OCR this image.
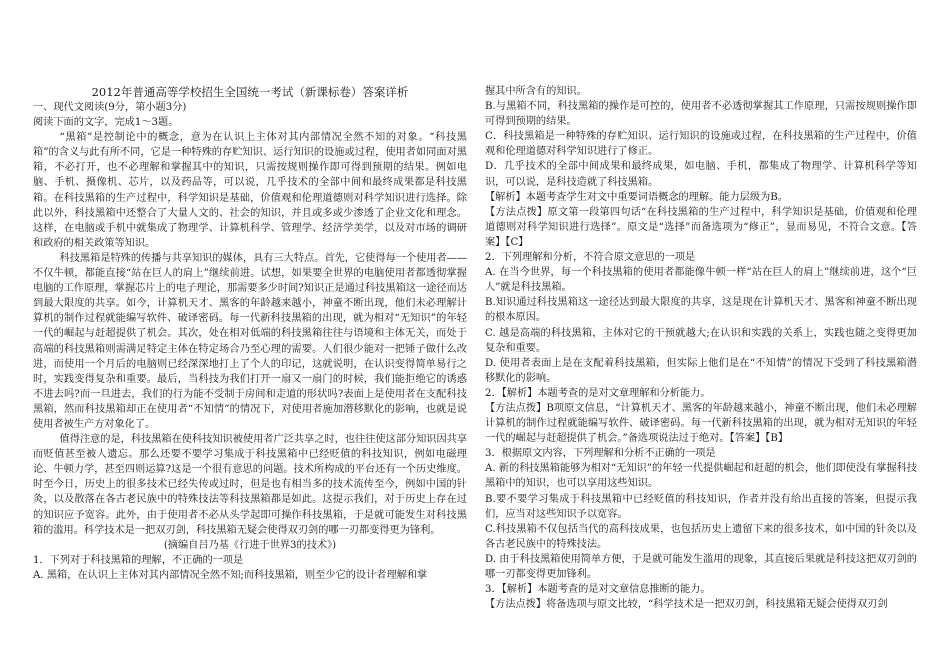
2012年普通高等学校招生全国统一考试（新课标卷）答案详析

一、现代文阅读(9分，第小题3分)

阅读下面的文字，完成1～3题。

“黑箱”是控制论中的概念，意为在认识上主体对其内部情况全然不知的对象。“科技黑箱”的含义与此有所不同，它是一种特殊的存贮知识、运行知识的设施或过程，使用者如同面对黑箱，不必打开，也不必理解和掌握其中的知识，只需按规则操作即可得到预期的结果。例如电脑、手机、摄像机、芯片，以及药品等，可以说，几乎技术的全部中间和最终成果都是科技黑箱。在科技黑箱的生产过程中，科学知识是基础，价值观和伦理道德则对科学知识进行选择。除此以外，科技黑箱中还整合了大量人文的、社会的知识，并且或多或少渗透了企业文化和理念。这样，在电脑或手机中就集成了物理学、计算机科学、管理学、经济学美学，以及对市场的调研和政府的相关政策等知识。

科技黑箱是特殊的传播与共享知识的媒体，具有三大特点。首先，它使得每一个使用者——不仅牛顿，都能直接“站在巨人的肩上”继续前进。试想，如果要全世界的电脑使用者都透彻掌握电脑的工作原理，掌握芯片上的电子理论，那需要多少时间?知识正是通过科技黑箱这一途径而达到最大限度的共享。如今，计算机天才、黑客的年龄越来越小，神童不断出现，他们未必理解计算机的制作过程就能编写软件、破译密码。每一代新科技黑箱的出现，就为相对“无知识”的年轻一代的崛起与赶超提供了机会。其次，处在相对低端的科技黑箱往往与语境和主体无关，而处于高端的科技黑箱则需满足特定主体在特定场合乃至心理的需要。人们很少能对一把锤子做什么改进，而使用一个月后的电脑则已经深深地打上了个人的印记，这就说明，在认识变得简单易行之时，实践变得复杂和重要。最后，当科技为我们打开一扇又一扇门的时候，我们能拒绝它的诱惑不进去吗?而一旦进去，我们的行为能不受制于房间和走道的形状吗?表面上是使用者在支配科技黑箱，然而科技黑箱却正在使用者“不知情”的情况下，对使用者施加潜移默化的影响，也就是说使用者被生产方对象化了。

值得注意的是，科技黑箱在使科技知识被使用者广泛共享之时，也往往使这部分知识因共享而贬值甚至被人遗忘。那么还要不要学习集成于科技黑箱中已经贬值的科技知识，例如电磁理论、牛顿力学，甚至四则运算?这是一个很有意思的问题。技术所构成的平台还有一个历史维度。时至今日，历史上的很多技术已经失传或过时，但是也有相当多的技术流传至今，例如中国的针灸，以及散落在各古老民族中的特殊技法等科技黑箱都是如此。这提示我们，对于历史上存在过的知识应予宽容。此外，由于使用者不必从头学起即可操作科技黑箱，于是就可能发生对科技黑箱的滥用。科学技术是一把双刃剑，科技黑箱无疑会使得双刃剑的哪一刃都变得更为锋利。

(摘编自吕乃基《行进于世界3的技术》)

1．下列对于科技黑箱的理解，不正确的一项是

A. 黑箱，在认识上主体对其内部情况全然不知;而科技黑箱，则至少它的设计者理解和掌

握其中所含有的知识。

B.与黑箱不同，科技黑箱的操作是可控的，使用者不必透彻掌握其工作原理，只需按规则操作即可得到预期的结果。

C．科技黑箱是一种特殊的存贮知识、运行知识的设施或过程，在科技黑箱的生产过程中，价值观和伦理道德对科学知识进行了修正。

D．几乎技术的全部中间成果和最终成果，如电脑、手机，都集成了物理学、计算机科学等知识，可以说，是科技造就了科技黑箱。

【解析】本题考查学生对文中重要词语概念的理解。能力层级为B。

【方法点拨】原文第一段第四句话“在科技黑箱的生产过程中，科学知识是基础，价值观和伦理道德则对科学知识进行选择”。原文是“选择”而备选项为“修正”，显而易见，不符合文意。【答案】【C】

2．下列理解和分析，不符合原文意思的一项是

A. 在当今世界，每一个科技黑箱的使用者都能像牛顿一样“站在巨人的肩上”继续前进，这个“巨人”就是科技黑箱。

B.知识通过科技黑箱这一途径达到最大限度的共享，这是现在计算机天才、黑客和神童不断出现的根本原因。

C. 越是高端的科技黑箱，主体对它的干预就越大;在认识和实践的关系上，实践也随之变得更加复杂和重要。

D. 使用者表面上是在支配着科技黑箱，但实际上他们是在“不知情”的情况下受到了科技黑箱潜移默化的影响。

2．【解析】本题考查的是对文章理解和分析能力。

【方法点拨】B项原文信息，“计算机天才、黑客的年龄越来越小，神童不断出现，他们未必理解计算机的制作过程就能编写软件、破译密码。每一代新科技黑箱的出现，就为相对无知识的年轻一代的崛起与赶超提供了机会。”备选项说法过于绝对。【答案】【B】

3．根据原文内容，下列理解和分析不正确的一项是

A. 新的科技黑箱能够为相对“无知识”的年轻一代提供崛起和赶超的机会，他们即使没有掌握科技黑箱中的知识，也可以享用这些知识。

B.要不要学习集成于科技黑箱中已经贬值的科技知识，作者并没有给出直接的答案，但提示我们，应当对这些知识予以宽容。

C.科技黑箱不仅包括当代的高科技成果，也包括历史上遗留下来的很多技术，如中国的针灸以及各古老民族中的特殊技法。

D. 由于科技黑箱使用简单方便，于是就可能发生滥用的现象，其直接后果就是科技这把双刃剑的哪一刃都变得更加锋利。

3．【解析】本题考查的是对文章信息推断的能力。

【方法点拨】将备选项与原文比较，“科学技术是一把双刃剑，科技黑箱无疑会使得双刃剑
